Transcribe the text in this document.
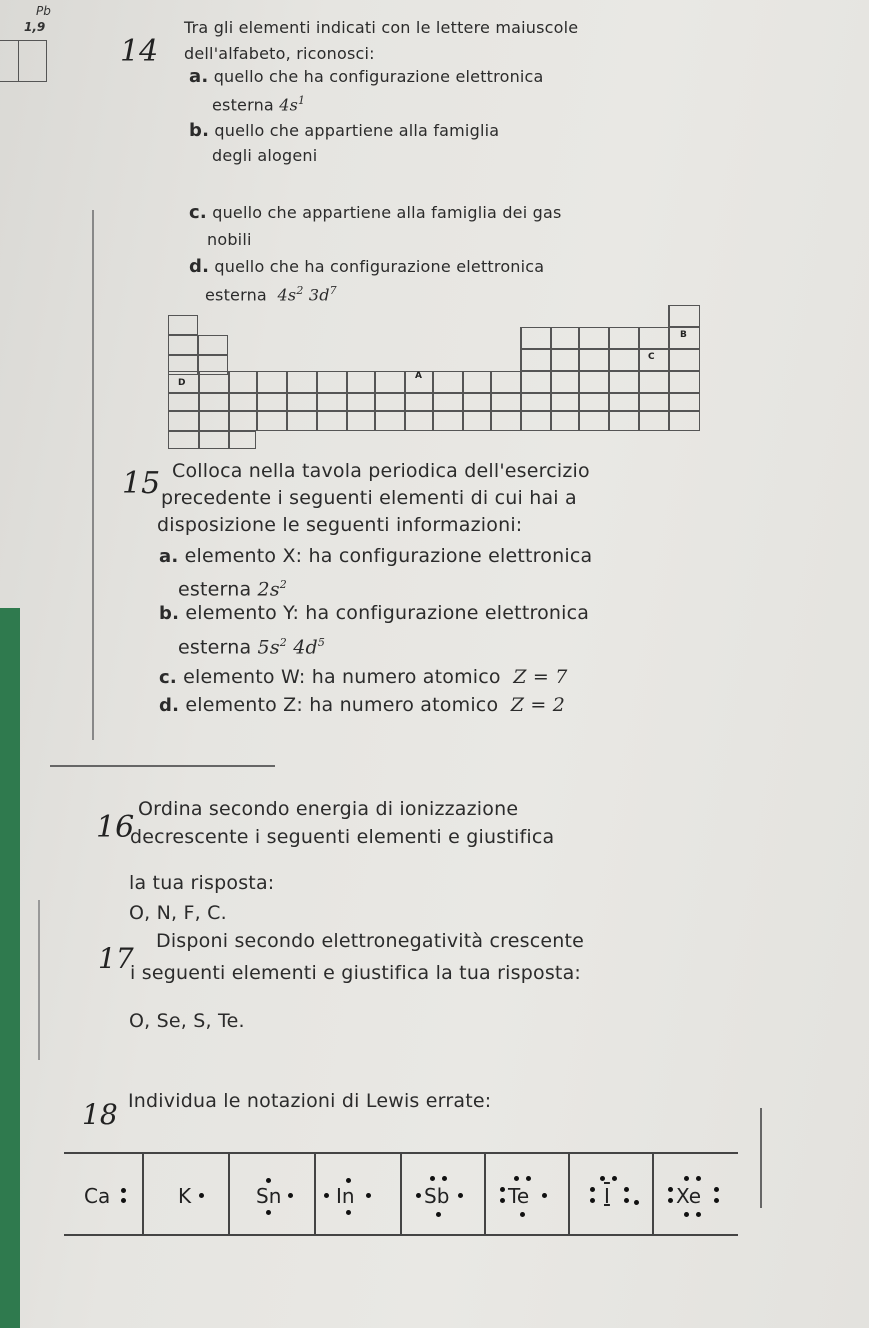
Pb
1,9
14
Tra gli elementi indicati con le lettere maiuscole
dell'alfabeto, riconosci:
a. quello che ha configurazione elettronica
esterna $4s^1$
b. quello che appartiene alla famiglia
degli alogeni
c. quello che appartiene alla famiglia dei gas
nobili
d. quello che ha configurazione elettronica
esterna $4s^2$ $3d^7$
D
A
B
C
15 Colloca nella tavola periodica dell'esercizio
precedente i seguenti elementi di cui hai a
disposizione le seguenti informazioni:
a. elemento X: ha configurazione elettronica
esterna $2s^2$
b. elemento Y: ha configurazione elettronica
esterna $5s^2$ $4d^5$
c. elemento W: ha numero atomico Z = 7
d. elemento Z: ha numero atomico Z = 2
16
Ordina secondo energia di ionizzazione
decrescente i seguenti elementi e giustifica
la tua risposta:
O, N, F, C.
17
Disponi secondo elettronegatività crescente
i seguenti elementi e giustifica la tua risposta:
O, Se, S, Te.
18 Individua le notazioni di Lewis errate:
Ca	K	Sn	In	Sb	Te	I	Xe
